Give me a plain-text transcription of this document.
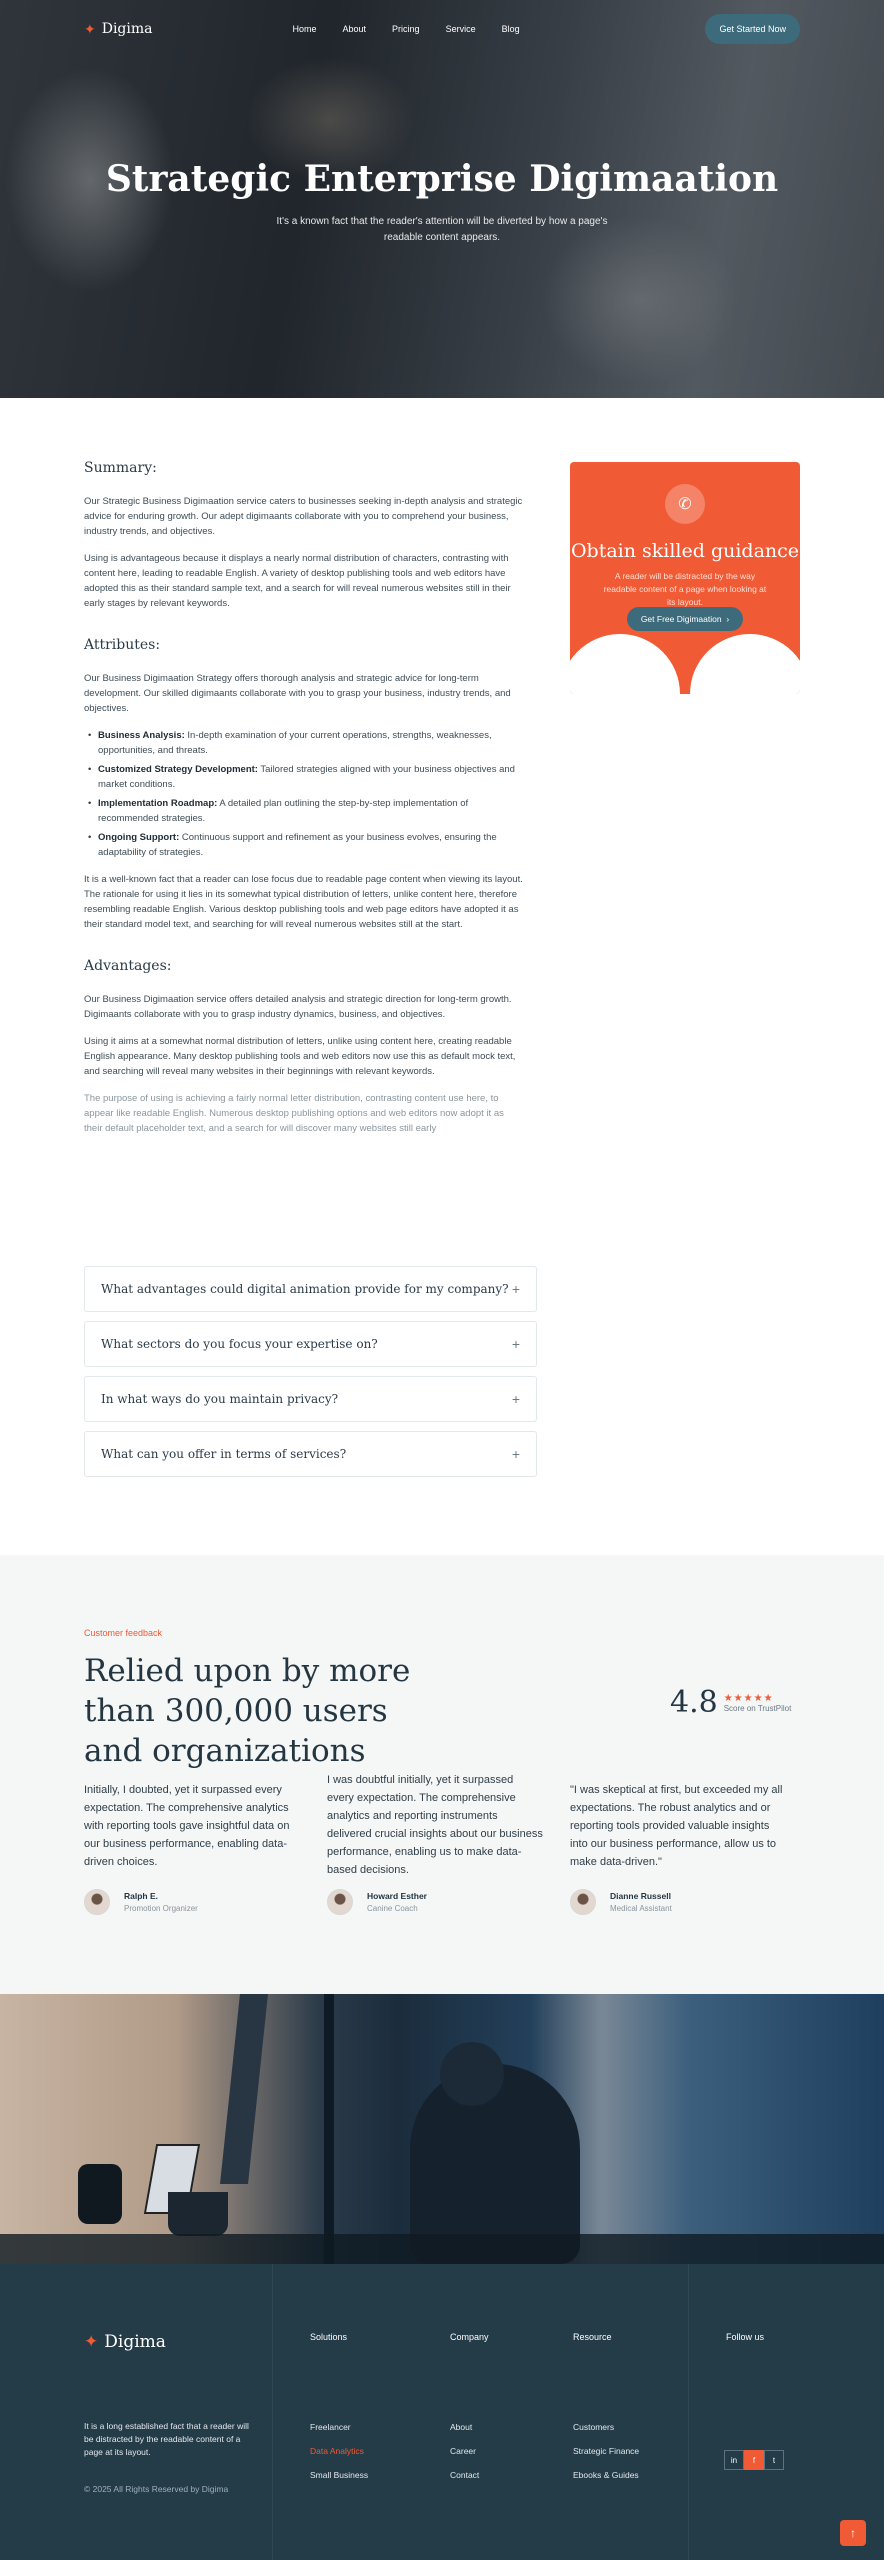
✦ Digima	Home	About	Pricing	Service	Blog	Get Started Now
Strategic Enterprise Digimaation

It's a known fact that the reader's attention will be diverted by how a page's readable content appears.

Summary:

Our Strategic Business Digimaation service caters to businesses seeking in-depth analysis and strategic advice for enduring growth. Our adept digimaants collaborate with you to comprehend your business, industry trends, and objectives.

Using is advantageous because it displays a nearly normal distribution of characters, contrasting with content here, leading to readable English. A variety of desktop publishing tools and web editors have adopted this as their standard sample text, and a search for will reveal numerous websites still in their early stages by relevant keywords.

Attributes:

Our Business Digimaation Strategy offers thorough analysis and strategic advice for long-term development. Our skilled digimaants collaborate with you to grasp your business, industry trends, and objectives.

• Business Analysis: In-depth examination of your current operations, strengths, weaknesses, opportunities, and threats.
• Customized Strategy Development: Tailored strategies aligned with your business objectives and market conditions.
• Implementation Roadmap: A detailed plan outlining the step-by-step implementation of recommended strategies.
• Ongoing Support: Continuous support and refinement as your business evolves, ensuring the adaptability of strategies.

It is a well-known fact that a reader can lose focus due to readable page content when viewing its layout. The rationale for using it lies in its somewhat typical distribution of letters, unlike content here, therefore resembling readable English. Various desktop publishing tools and web page editors have adopted it as their standard model text, and searching for will reveal numerous websites still at the start.

Advantages:

Our Business Digimaation service offers detailed analysis and strategic direction for long-term growth. Digimaants collaborate with you to grasp industry dynamics, business, and objectives.

Using it aims at a somewhat normal distribution of letters, unlike using content here, creating readable English appearance. Many desktop publishing tools and web editors now use this as default mock text, and searching will reveal many websites in their beginnings with relevant keywords.

The purpose of using is achieving a fairly normal letter distribution, contrasting content use here, to appear like readable English. Numerous desktop publishing options and web editors now adopt it as their default placeholder text, and a search for will discover many websites still early

✆
Obtain skilled guidance

A reader will be distracted by the way readable content of a page when looking at its layout.

Get Free Digimaation  ›
What advantages could digital animation provide for my company? +
What sectors do you focus your expertise on?	+
In what ways do you maintain privacy?	+
What can you offer in terms of services?	+
Customer feedback
Relied upon by more than 300,000 users and organizations
4.8 ★★★★★
Score on TrustPilot

Initially, I doubted, yet it surpassed every expectation. The comprehensive analytics with reporting tools gave insightful data on our business performance, enabling data-driven choices.

Ralph E.
Promotion Organizer

I was doubtful initially, yet it surpassed every expectation. The comprehensive analytics and reporting instruments delivered crucial insights about our business performance, enabling us to make data-based decisions.

Howard Esther
Canine Coach

"I was skeptical at first, but exceeded my all expectations. The robust analytics and or reporting tools provided valuable insights into our business performance, allow us to make data-driven."

Dianne Russell
Medical Assistant
✦ Digima

It is a long established fact that a reader will be distracted by the readable content of a page at its layout.

© 2025 All Rights Reserved by Digima

Solutions
Freelancer
Data Analytics
Small Business
Company
About
Career
Contact
Resource
Customers
Strategic Finance
Ebooks & Guides
Follow us
in	f	t
↑
